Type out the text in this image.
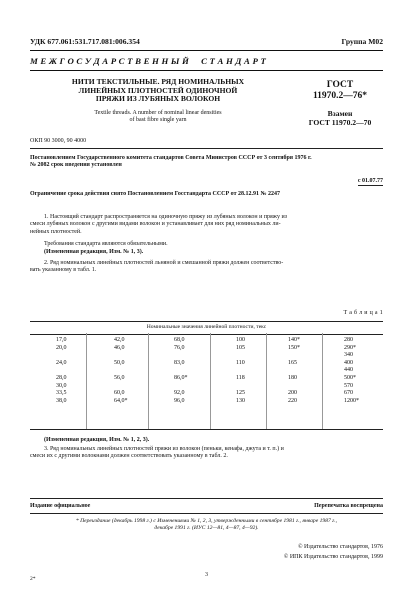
УДК 677.061:531.717.081:006.354	Группа М02
М Е Ж Г О С У Д А Р С Т В Е Н Н Ы Й     С Т А Н Д А Р Т
НИТИ ТЕКСТИЛЬНЫЕ. РЯД НОМИНАЛЬНЫХ
ЛИНЕЙНЫХ ПЛОТНОСТЕЙ ОДИНОЧНОЙ
ПРЯЖИ ИЗ ЛУБЯНЫХ ВОЛОКОН
Textile threads. A number of nominal linear densities
of bast fibre single yarn
ГОСТ
11970.2—76*
Взамен
ГОСТ 11970.2—70
ОКП 90 3000, 90 4000
Постановлением Государственного комитета стандартов Совета Министров СССР от 3 сентября 1976 г.
№ 2082 срок введения установлен
с 01.07.77
Ограничение срока действия снято Постановлением Госстандарта СССР от 28.12.91 № 2247
1. Настоящий стандарт распространяется на одиночную пряжу из лубяных волокон и пряжу из
смеси лубяных волокон с другими видами волокон и устанавливает для них ряд номинальных ли-
нейных плотностей.
Требования стандарта являются обязательными.
(Измененная редакция, Изм. № 1, 3).
2. Ряд номинальных линейных плотностей льняной и смешанной пряжи должен соответство-
вать указанному в табл. 1.
Т а б л и ц а 1
Номинальные значения линейной плотности, текс
17,0
20,0
24,0
28,0
30,0
33,5
38,0
42,0
46,0
50,0
56,0
60,0
64,0*
68,0
76,0
83,0
86,0*
92,0
96,0
100
105
110
118
125
130
140*
150*
165
180
200
220
280
290*
340
400
440
500*
570
670
1200*
(Измененная редакция, Изм. № 1, 2, 3).
3. Ряд номинальных линейных плотностей пряжи из волокон (пеньки, кенафа, джута и т. п.) и
смеси их с другими волокнами должен соответствовать указанному в табл. 2.
Издание официальное	Перепечатка воспрещена
* Переиздание (декабрь 1998 г.) с Изменениями № 1, 2, 3, утвержденными в сентябре 1981 г., январе 1987 г.,
декабре 1991 г. (ИУС 12—81, 4—87, 4—92).
© Издательство стандартов, 1976
© ИПК Издательство стандартов, 1999
3
2*
